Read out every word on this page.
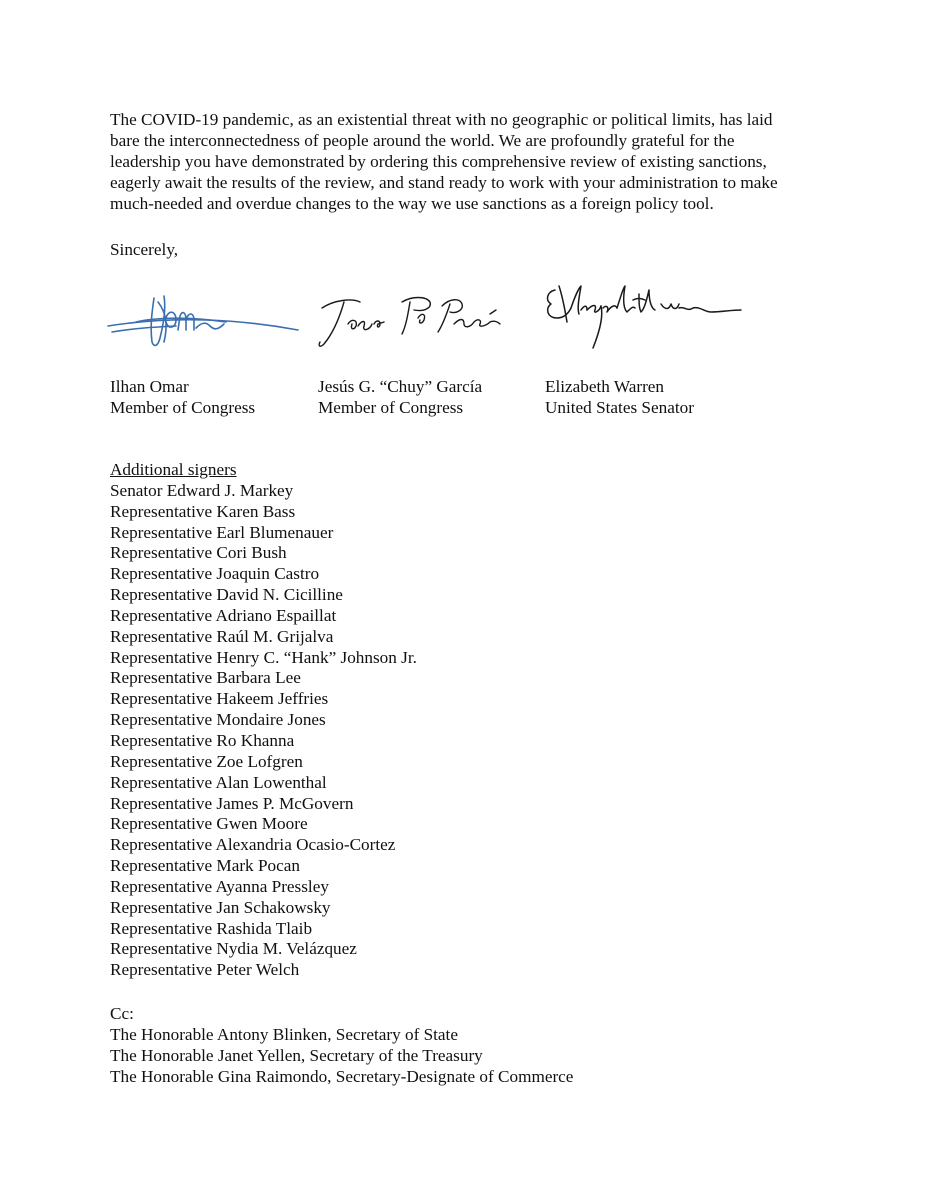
The COVID-19 pandemic, as an existential threat with no geographic or political limits, has laid
bare the interconnectedness of people around the world. We are profoundly grateful for the
leadership you have demonstrated by ordering this comprehensive review of existing sanctions,
eagerly await the results of the review, and stand ready to work with your administration to make
much-needed and overdue changes to the way we use sanctions as a foreign policy tool.

Sincerely,

Ilhan Omar
Member of Congress
Jesús G. “Chuy” García
Member of Congress
Elizabeth Warren
United States Senator
Additional signers
Senator Edward J. Markey
Representative Karen Bass
Representative Earl Blumenauer
Representative Cori Bush
Representative Joaquin Castro
Representative David N. Cicilline
Representative Adriano Espaillat
Representative Raúl M. Grijalva
Representative Henry C. “Hank” Johnson Jr.
Representative Barbara Lee
Representative Hakeem Jeffries
Representative Mondaire Jones
Representative Ro Khanna
Representative Zoe Lofgren
Representative Alan Lowenthal
Representative James P. McGovern
Representative Gwen Moore
Representative Alexandria Ocasio-Cortez
Representative Mark Pocan
Representative Ayanna Pressley
Representative Jan Schakowsky
Representative Rashida Tlaib
Representative Nydia M. Velázquez
Representative Peter Welch
Cc:
The Honorable Antony Blinken, Secretary of State
The Honorable Janet Yellen, Secretary of the Treasury
The Honorable Gina Raimondo, Secretary-Designate of Commerce
